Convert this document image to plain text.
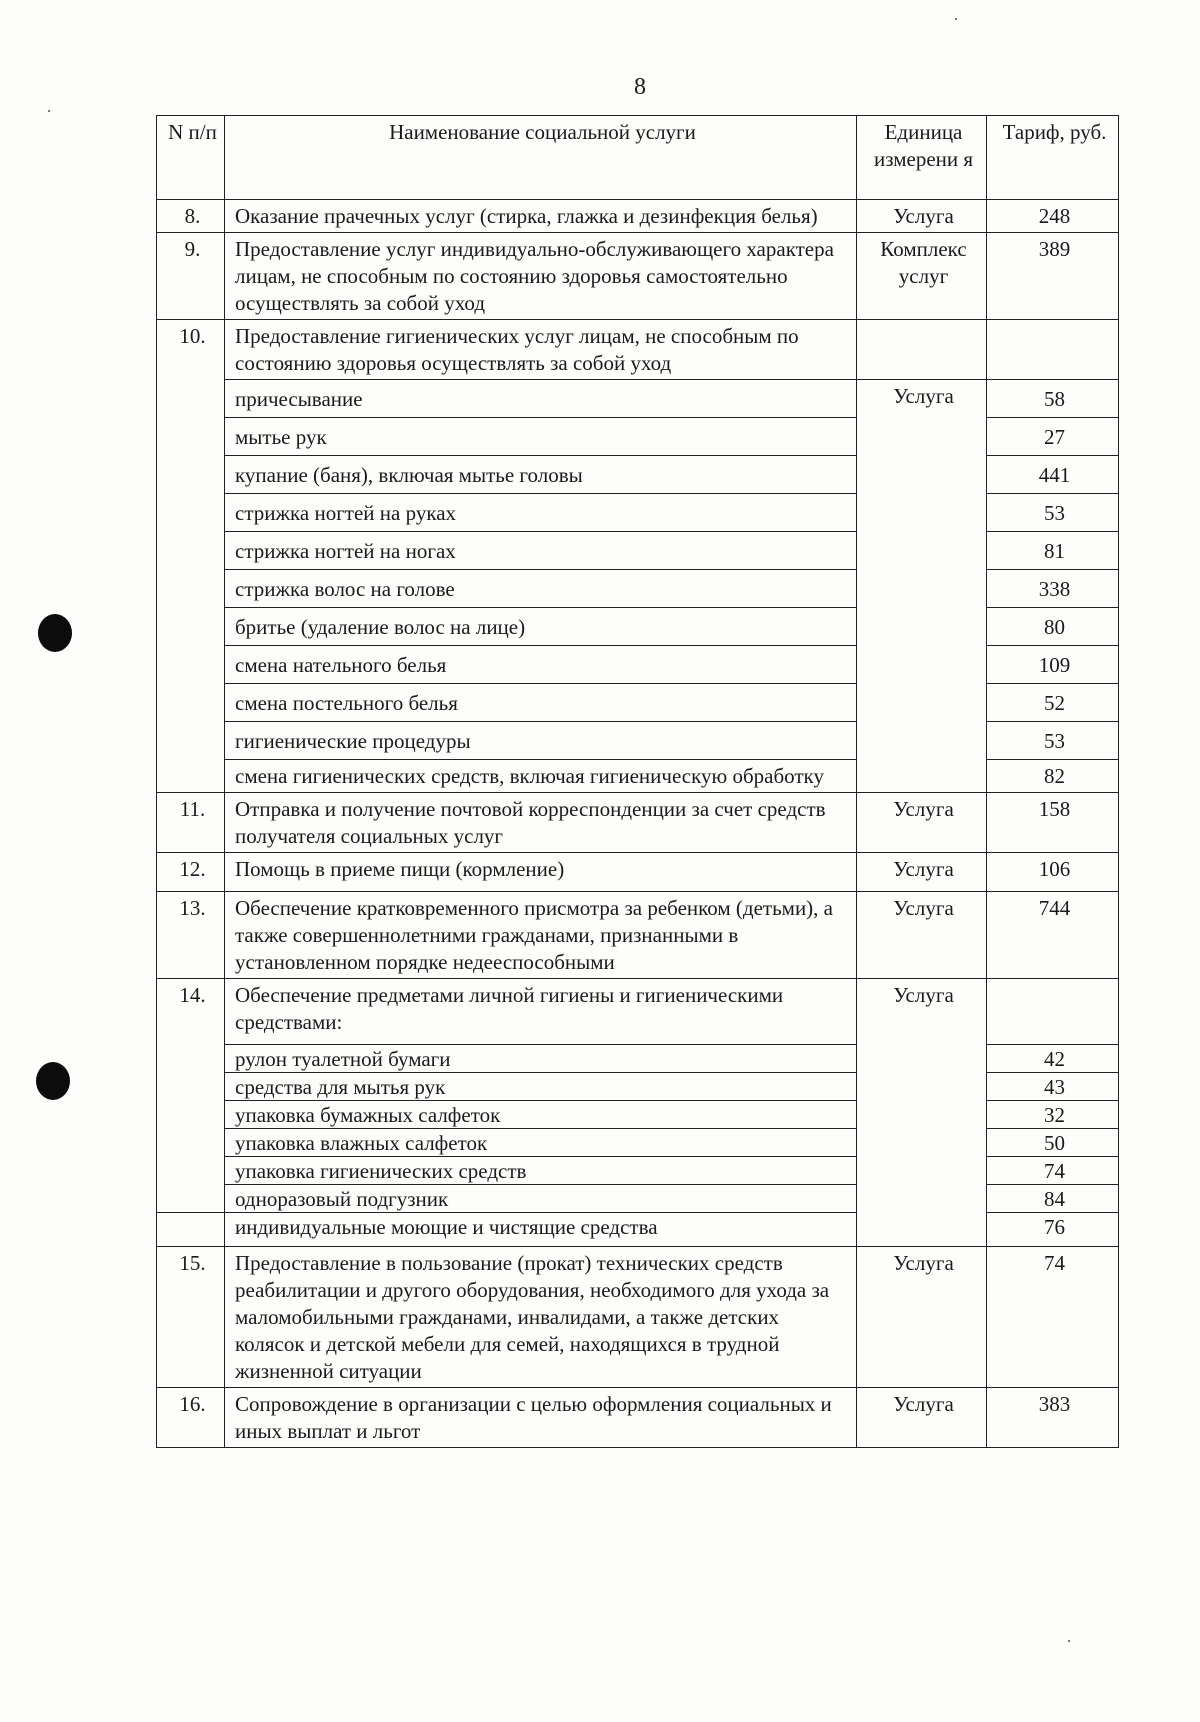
8
N п/п	Наименование социальной услуги	Единица измерени я	Тариф, руб.
8.	Оказание прачечных услуг (стирка, глажка и дезинфекция белья)	Услуга	248
9.	Предоставление услуг индивидуально-обслуживающего характера лицам, не способным по состоянию здоровья самостоятельно осуществлять за собой уход	Комплекс услуг	389
10.	Предоставление гигиенических услуг лицам, не способным по состоянию здоровья осуществлять за собой уход		
	причесывание	Услуга	58
	мытье рук		27
	купание (баня), включая мытье головы		441
	стрижка ногтей на руках		53
	стрижка ногтей на ногах		81
	стрижка волос на голове		338
	бритье (удаление волос на лице)		80
	смена нательного белья		109
	смена постельного белья		52
	гигиенические процедуры		53
	смена гигиенических средств, включая гигиеническую обработку		82
11.	Отправка и получение почтовой корреспонденции за счет средств получателя социальных услуг	Услуга	158
12.	Помощь в приеме пищи (кормление)	Услуга	106
13.	Обеспечение кратковременного присмотра за ребенком (детьми), а также совершеннолетними гражданами, признанными в установленном порядке недееспособными	Услуга	744
14.	Обеспечение предметами личной гигиены и гигиеническими средствами:	Услуга	
	рулон туалетной бумаги		42
	средства для мытья рук		43
	упаковка бумажных салфеток		32
	упаковка влажных салфеток		50
	упаковка гигиенических средств		74
	одноразовый подгузник		84
	индивидуальные моющие и чистящие средства		76
15.	Предоставление в пользование (прокат) технических средств реабилитации и другого оборудования, необходимого для ухода за маломобильными гражданами, инвалидами, а также детских колясок и детской мебели для семей, находящихся в трудной жизненной ситуации	Услуга	74
16.	Сопровождение в организации с целью оформления социальных и иных выплат и льгот	Услуга	383
